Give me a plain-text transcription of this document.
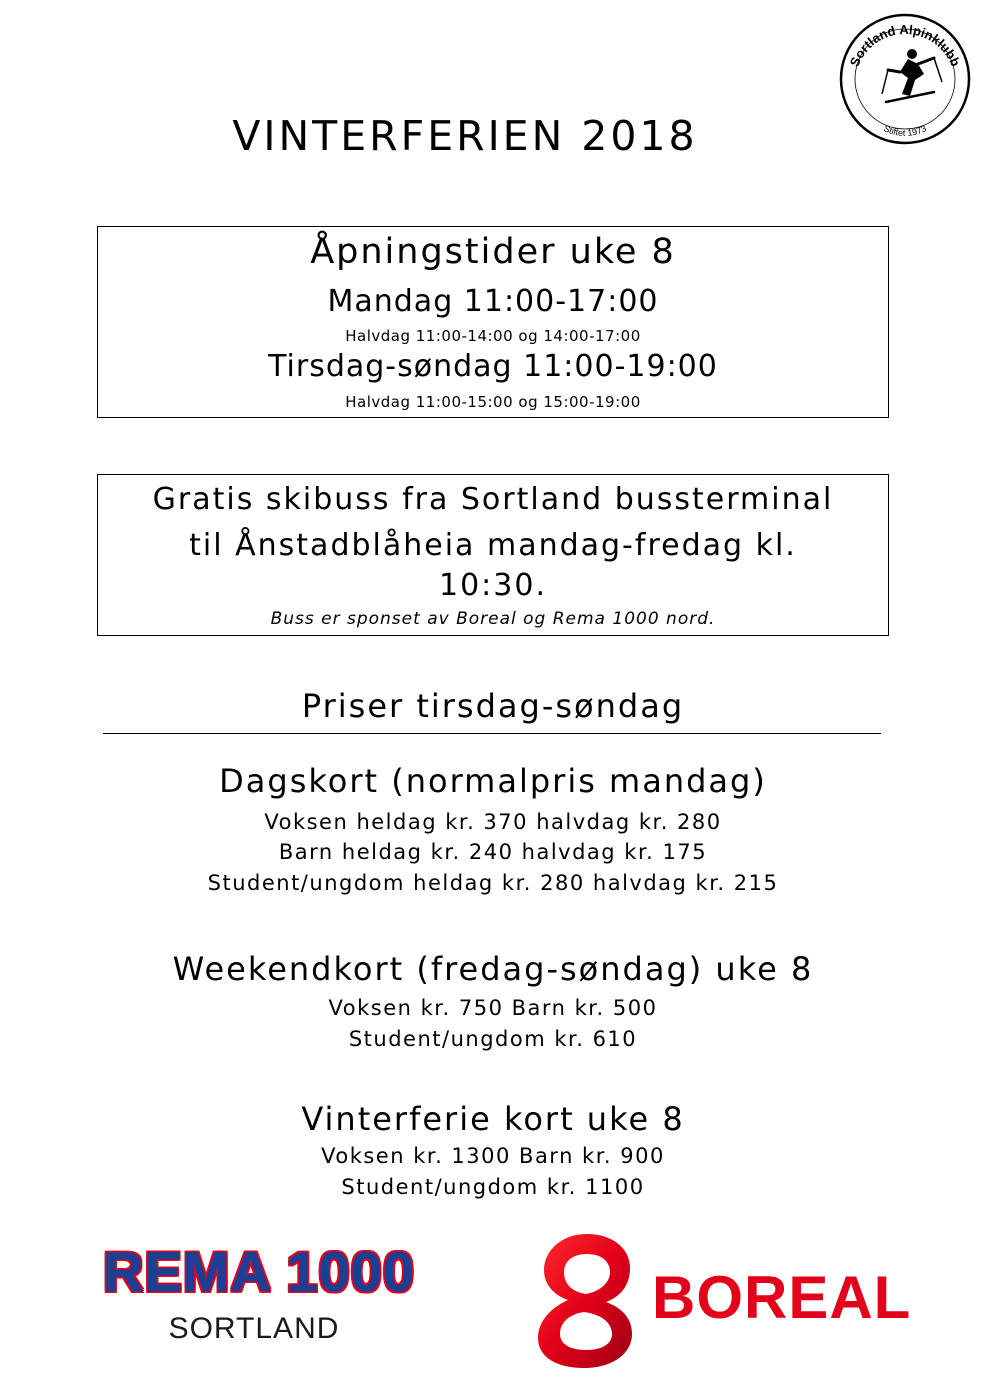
VINTERFERIEN 2018
Sortland Alpinklubb
Stiftet 1973
Åpningstider uke 8
Mandag 11:00-17:00
Halvdag 11:00-14:00 og 14:00-17:00
Tirsdag-søndag 11:00-19:00
Halvdag 11:00-15:00 og 15:00-19:00
Gratis skibuss fra Sortland bussterminal
til Ånstadblåheia mandag-fredag kl.
10:30.
Buss er sponset av Boreal og Rema 1000 nord.
Priser tirsdag-søndag
Dagskort (normalpris mandag)
Voksen heldag kr. 370 halvdag kr. 280
Barn heldag kr. 240 halvdag kr. 175
Student/ungdom heldag kr. 280 halvdag kr. 215
Weekendkort (fredag-søndag) uke 8
Voksen kr. 750 Barn kr. 500
Student/ungdom kr. 610
Vinterferie kort uke 8
Voksen kr. 1300 Barn kr. 900
Student/ungdom kr. 1100
REMA 1000
SORTLAND	BOREAL
